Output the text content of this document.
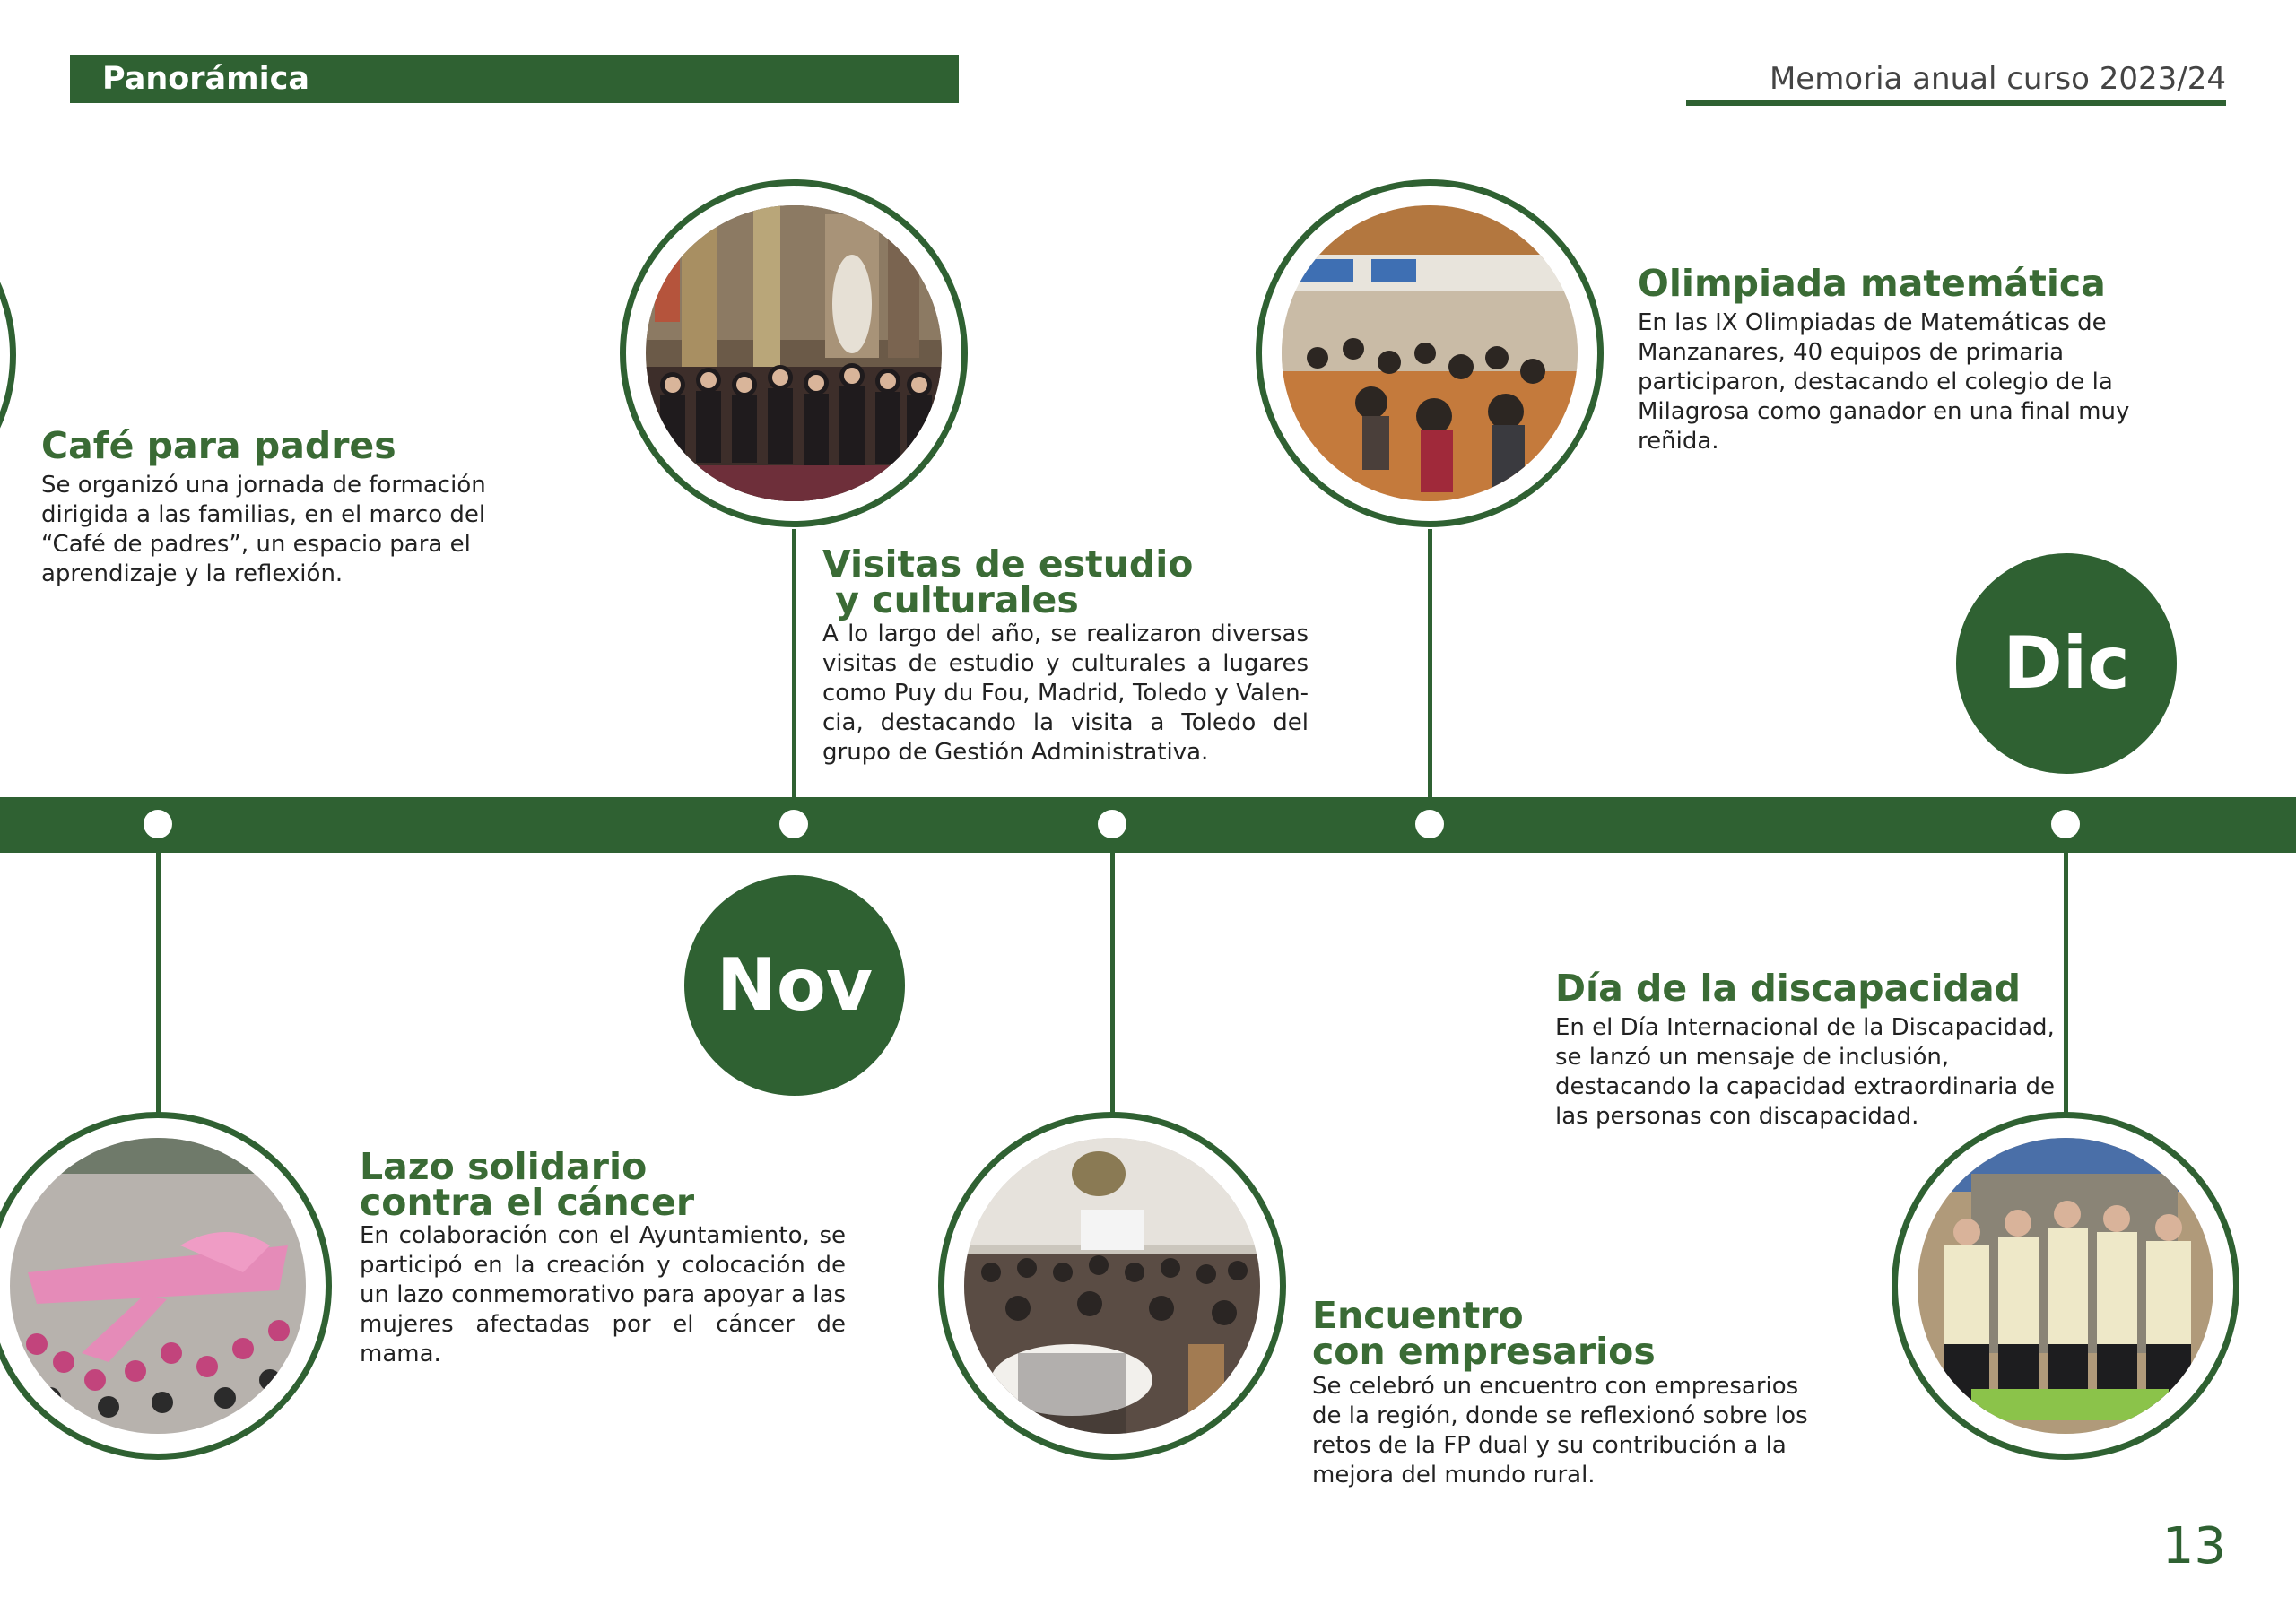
Panorámica	Memoria anual curso 2023/24
Nov
Dic
Café para padres

Se organizó una jornada de formación dirigida a las familias, en el marco del “Café de padres”, un espacio para el aprendizaje y la reflexión.	Visitas de estudio
y culturales

A lo largo del año, se realizaron diversas visitas de estudio y culturales a lugares como Puy du Fou, Madrid, Toledo y Valen-cia, destacando la visita a Toledo del grupo de Gestión Administrativa.

Olimpiada matemática

En las IX Olimpiadas de Matemáticas de Manzanares, 40 equipos de primaria participaron, destacando el colegio de la Milagrosa como ganador en una final muy reñida.

Lazo solidario
contra el cáncer

En colaboración con el Ayuntamiento, se participó en la creación y colocación de un lazo conmemorativo para apoyar a las mujeres afectadas por el cáncer de mama.

Encuentro
con empresarios

Se celebró un encuentro con empresarios de la región, donde se reflexionó sobre los retos de la FP dual y su contribución a la mejora del mundo rural.

Día de la discapacidad

En el Día Internacional de la Discapacidad, se lanzó un mensaje de inclusión, destacando la capacidad extraordinaria de las personas con discapacidad.

13
